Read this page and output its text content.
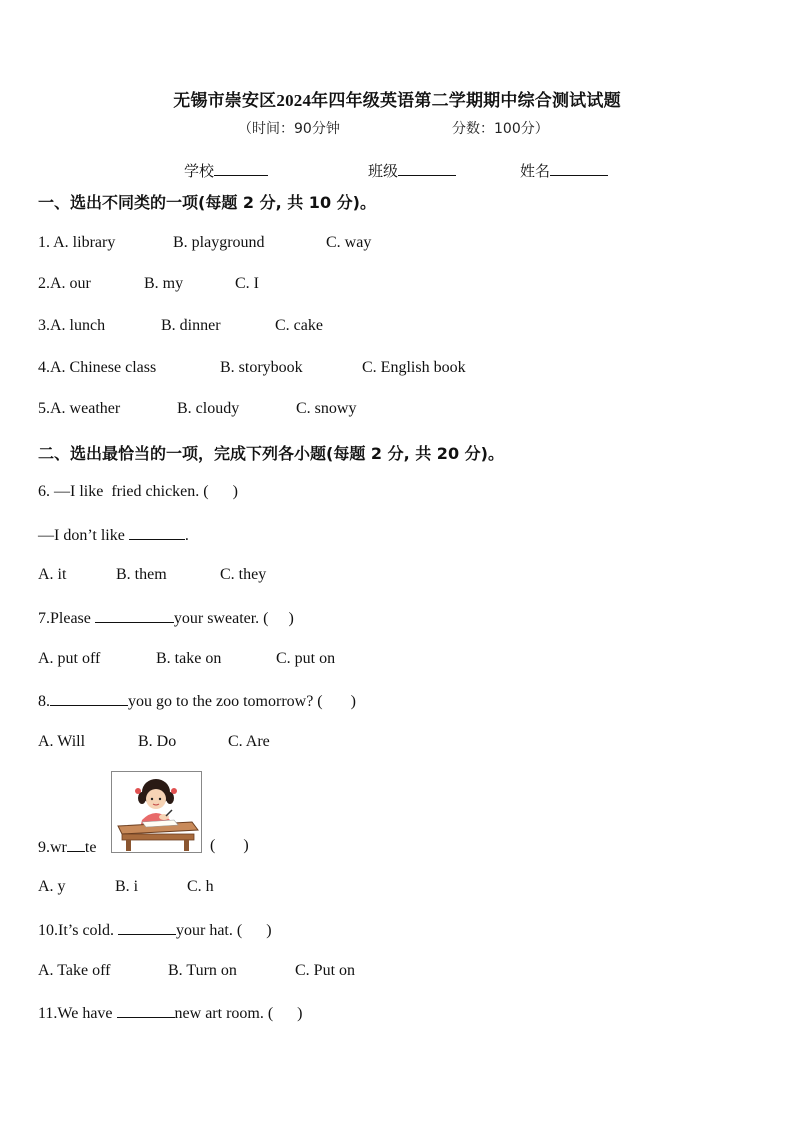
无锡市崇安区2024年四年级英语第二学期期中综合测试试题
（时间：90分钟	分数：100分）
学校	班级	姓名
一、选出不同类的一项(每题 2 分, 共 10 分)。
1. A. library	B. playground	C. way
2.A. our	B. my	C. I
3.A. lunch	B. dinner	C. cake
4.A. Chinese class	B. storybook	C. English book
5.A. weather	B. cloudy	C. snowy
二、选出最恰当的一项，完成下列各小题(每题 2 分, 共 20 分)。
6. —I like  fried chicken. (      )
—I don’t like	.
A. it	B. them	C. they
7.Please	your sweater. (     )
A. put off	B. take on	C. put on
8.	you go to the zoo tomorrow? (       )
A. Will	B. Do	C. Are
9.wr te	(       )
A. y	B. i	C. h
10.It’s cold.	your hat. (      )
A. Take off	B. Turn on	C. Put on
11.We have	new art room. (      )
